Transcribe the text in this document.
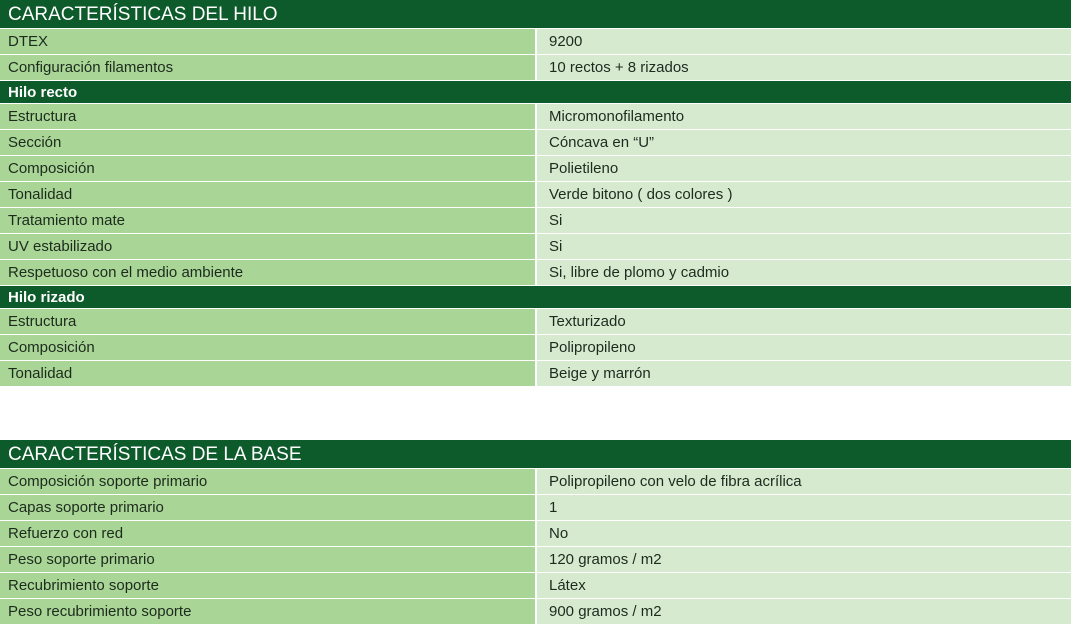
CARACTERÍSTICAS DEL HILO
DTEX	9200
Configuración filamentos	10 rectos + 8 rizados
Hilo recto
Estructura	Micromonofilamento
Sección	Cóncava en “U”
Composición	Polietileno
Tonalidad	Verde bitono ( dos colores )
Tratamiento mate	Si
UV estabilizado	Si
Respetuoso con el medio ambiente	Si, libre de plomo y cadmio
Hilo rizado
Estructura	Texturizado
Composición	Polipropileno
Tonalidad	Beige y marrón
CARACTERÍSTICAS DE LA BASE
Composición soporte primario	Polipropileno con velo de fibra acrílica
Capas soporte primario	1
Refuerzo con red	No
Peso soporte primario	120 gramos / m2
Recubrimiento soporte	Látex
Peso recubrimiento soporte	900 gramos / m2
